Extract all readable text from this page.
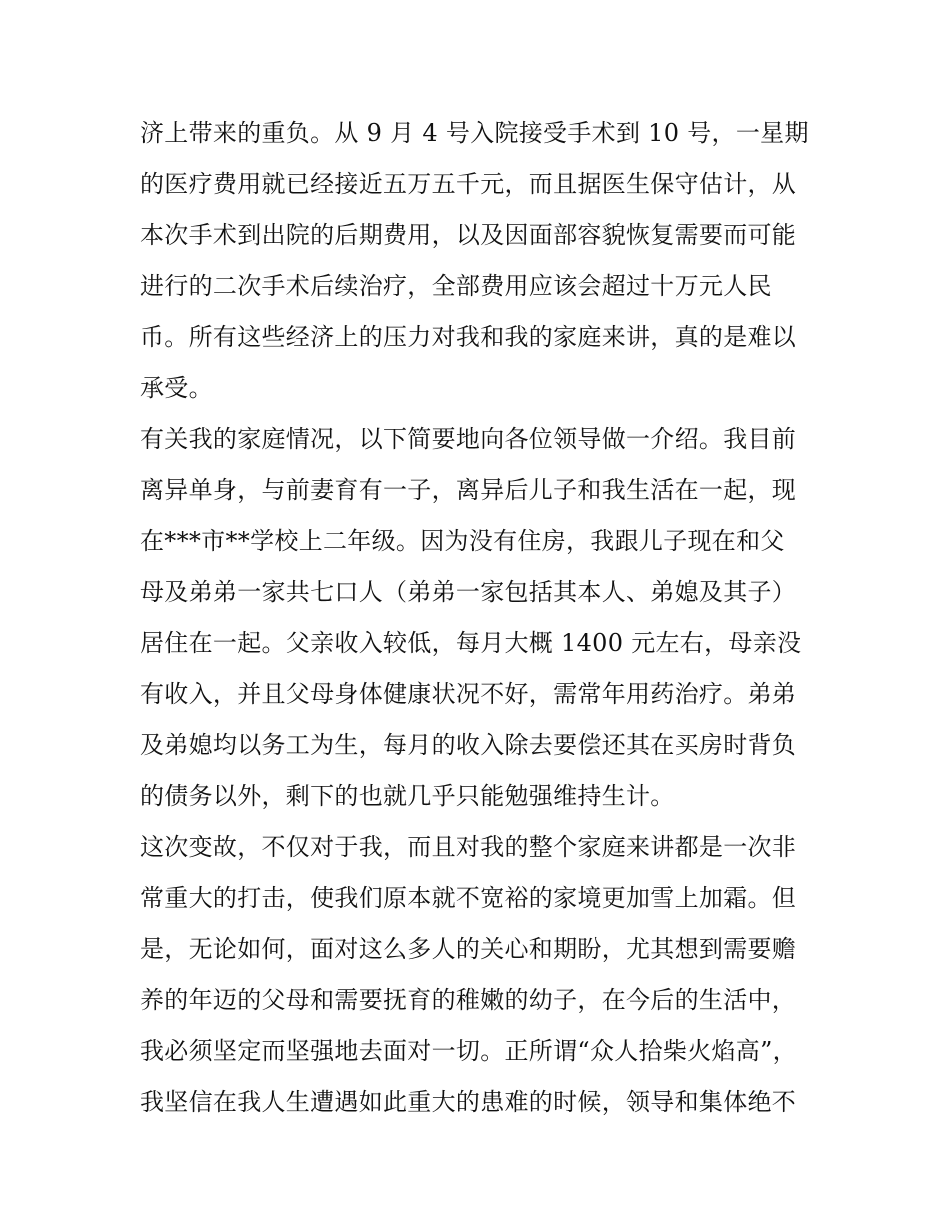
济上带来的重负。从 9 月 4 号入院接受手术到 10 号，一星期
的医疗费用就已经接近五万五千元，而且据医生保守估计，从
本次手术到出院的后期费用，以及因面部容貌恢复需要而可能
进行的二次手术后续治疗，全部费用应该会超过十万元人民
币。所有这些经济上的压力对我和我的家庭来讲，真的是难以
承受。
有关我的家庭情况，以下简要地向各位领导做一介绍。我目前
离异单身，与前妻育有一子，离异后儿子和我生活在一起，现
在***市**学校上二年级。因为没有住房，我跟儿子现在和父
母及弟弟一家共七口人（弟弟一家包括其本人、弟媳及其子）
居住在一起。父亲收入较低，每月大概 1400 元左右，母亲没
有收入，并且父母身体健康状况不好，需常年用药治疗。弟弟
及弟媳均以务工为生，每月的收入除去要偿还其在买房时背负
的债务以外，剩下的也就几乎只能勉强维持生计。
这次变故，不仅对于我，而且对我的整个家庭来讲都是一次非
常重大的打击，使我们原本就不宽裕的家境更加雪上加霜。但
是，无论如何，面对这么多人的关心和期盼，尤其想到需要赡
养的年迈的父母和需要抚育的稚嫩的幼子，在今后的生活中，
我必须坚定而坚强地去面对一切。正所谓“众人拾柴火焰高”，
我坚信在我人生遭遇如此重大的患难的时候，领导和集体绝不
